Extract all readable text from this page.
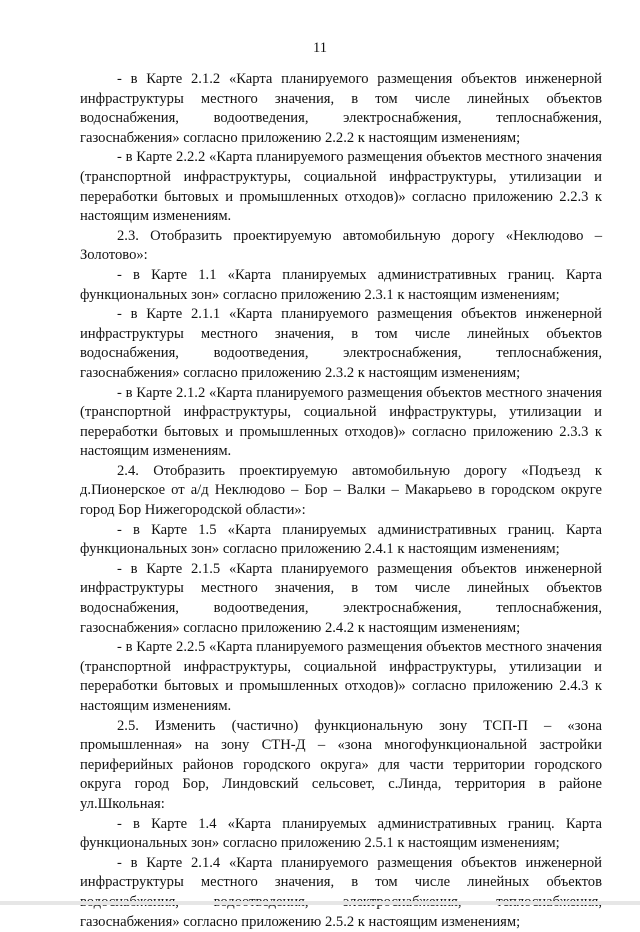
11

- в Карте 2.1.2 «Карта планируемого размещения объектов инженерной инфраструктуры местного значения, в том числе линейных объектов водоснабжения, водоотведения, электроснабжения, теплоснабжения, газоснабжения» согласно приложению 2.2.2 к настоящим изменениям;

- в Карте 2.2.2 «Карта планируемого размещения объектов местного значения (транспортной инфраструктуры, социальной инфраструктуры, утилизации и переработки бытовых и промышленных отходов)» согласно приложению 2.2.3 к настоящим изменениям.

2.3. Отобразить проектируемую автомобильную дорогу «Неклюдово – Золотово»:

- в Карте 1.1 «Карта планируемых административных границ. Карта функциональных зон» согласно приложению 2.3.1 к настоящим изменениям;

- в Карте 2.1.1 «Карта планируемого размещения объектов инженерной инфраструктуры местного значения, в том числе линейных объектов водоснабжения, водоотведения, электроснабжения, теплоснабжения, газоснабжения» согласно приложению 2.3.2 к настоящим изменениям;

- в Карте 2.1.2 «Карта планируемого размещения объектов местного значения (транспортной инфраструктуры, социальной инфраструктуры, утилизации и переработки бытовых и промышленных отходов)» согласно приложению 2.3.3 к настоящим изменениям.

2.4. Отобразить проектируемую автомобильную дорогу «Подъезд к д.Пионерское от а/д Неклюдово – Бор – Валки – Макарьево в городском округе город Бор Нижегородской области»:

- в Карте 1.5 «Карта планируемых административных границ. Карта функциональных зон» согласно приложению 2.4.1 к настоящим изменениям;

- в Карте 2.1.5 «Карта планируемого размещения объектов инженерной инфраструктуры местного значения, в том числе линейных объектов водоснабжения, водоотведения, электроснабжения, теплоснабжения, газоснабжения» согласно приложению 2.4.2 к настоящим изменениям;

- в Карте 2.2.5 «Карта планируемого размещения объектов местного значения (транспортной инфраструктуры, социальной инфраструктуры, утилизации и переработки бытовых и промышленных отходов)» согласно приложению 2.4.3 к настоящим изменениям.

2.5. Изменить (частично) функциональную зону ТСП-П – «зона промышленная» на зону СТН-Д – «зона многофункциональной застройки периферийных районов городского округа» для части территории городского округа город Бор, Линдовский сельсовет, с.Линда, территория в районе ул.Школьная:

- в Карте 1.4 «Карта планируемых административных границ. Карта функциональных зон» согласно приложению 2.5.1 к настоящим изменениям;

- в Карте 2.1.4 «Карта планируемого размещения объектов инженерной инфраструктуры местного значения, в том числе линейных объектов газоснабжения» согласно приложению 2.5.2 к настоящим изменениям;
